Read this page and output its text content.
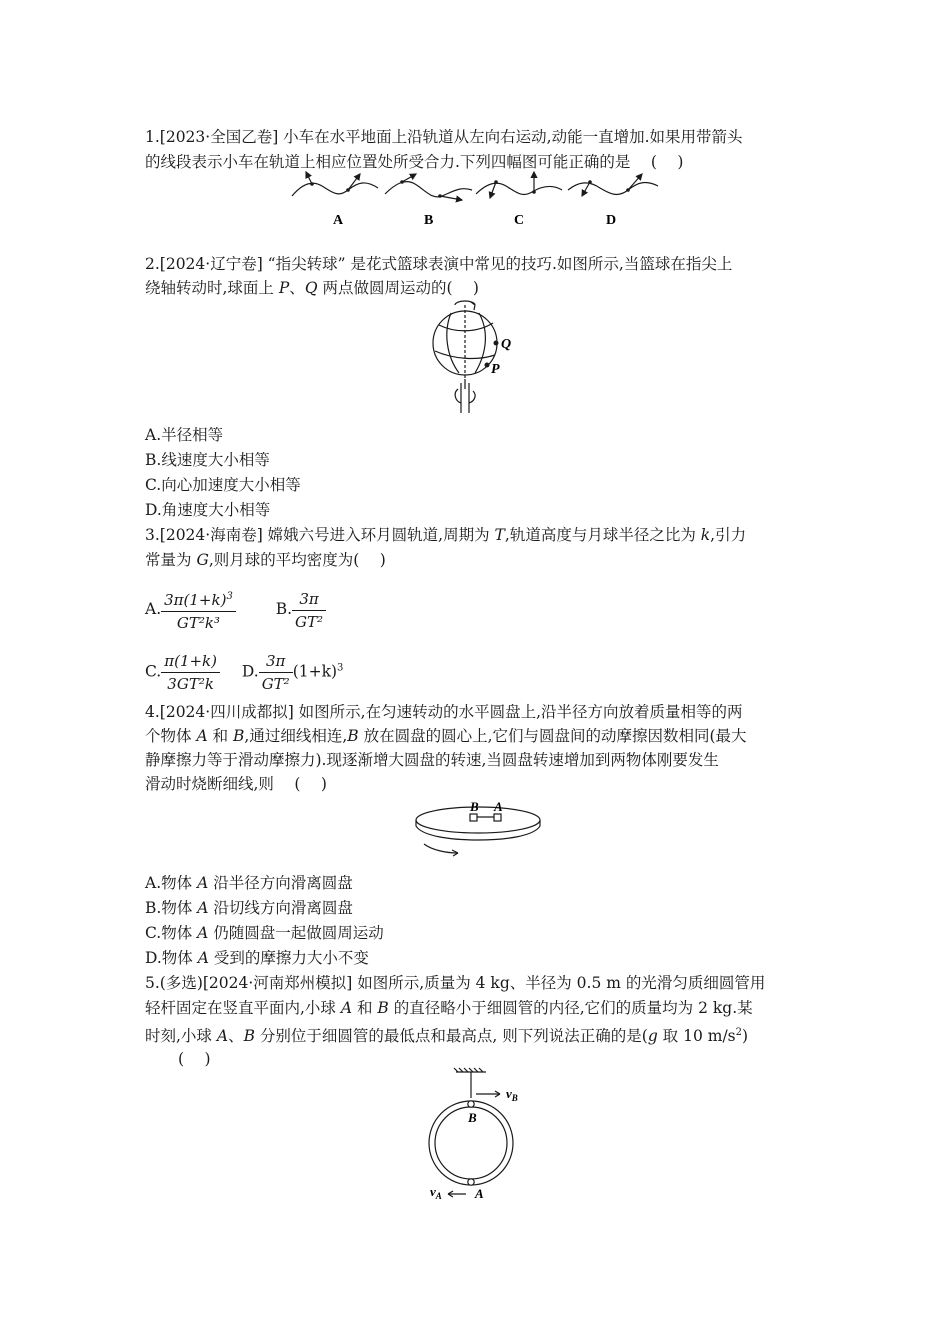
1.[2023·全国乙卷] 小车在水平地面上沿轨道从左向右运动,动能一直增加.如果用带箭头
的线段表示小车在轨道上相应位置处所受合力.下列四幅图可能正确的是　 (　 )
A	B	C	D
2.[2024·辽宁卷] “指尖转球” 是花式篮球表演中常见的技巧.如图所示,当篮球在指尖上
绕轴转动时,球面上 P、Q 两点做圆周运动的(　 )
Q
P
A.半径相等
B.线速度大小相等
C.向心加速度大小相等
D.角速度大小相等
3.[2024·海南卷] 嫦娥六号进入环月圆轨道,周期为 T,轨道高度与月球半径之比为 k,引力
常量为 G,则月球的平均密度为(　 )
A. $\frac{3\pi(1+k)^3}{\text{GT²k³}}$	B. $\frac{3\pi}{\text{GT²}}$
C. $\frac{\pi(1+k)}{\text{3GT²k}} D$. $\frac{3\pi}{\text{GT²}} (1+k)^3$
4.[2024·四川成都拟] 如图所示,在匀速转动的水平圆盘上,沿半径方向放着质量相等的两
个物体 A 和 B,通过细线相连,B 放在圆盘的圆心上,它们与圆盘间的动摩擦因数相同(最大
静摩擦力等于滑动摩擦力).现逐渐增大圆盘的转速,当圆盘转速增加到两物体刚要发生
滑动时烧断细线,则　 (　 )
B A
A.物体 A 沿半径方向滑离圆盘
B.物体 A 沿切线方向滑离圆盘
C.物体 A 仍随圆盘一起做圆周运动
D.物体 A 受到的摩擦力大小不变
5.(多选)[2024·河南郑州模拟] 如图所示,质量为 4 kg、半径为 0.5 m 的光滑匀质细圆管用
轻杆固定在竖直平面内,小球 A 和 B 的直径略小于细圆管的内径,它们的质量均为 2 kg.某
时刻,小球 A、B 分别位于细圆管的最低点和最高点, 则下列说法正确的是(g 取 10 $m/s^2$)
(　 )
$v_B$
B
$v_A$	A
